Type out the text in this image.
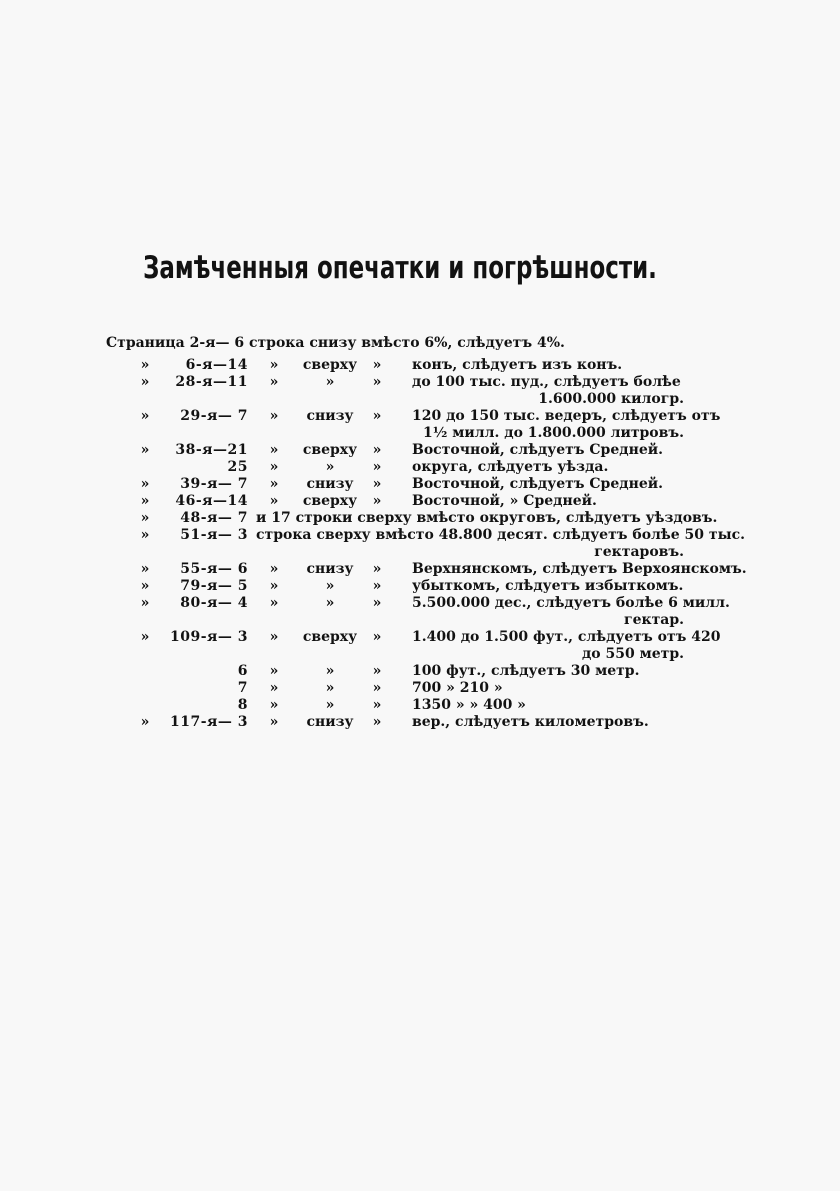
Замѣченныя опечатки и погрѣшности.
Страница 2-я— 6 строка снизу вмѣсто 6%, слѣдуетъ 4%.
»	6-я—14 »	сверху	» конъ, слѣдуетъ изъ конъ.
»	28-я—11 »	»	» до 100 тыс. пуд., слѣдуетъ болѣе
1.600.000 килогр.
»	29-я— 7 »	снизу	» 120 до 150 тыс. ведеръ, слѣдуетъ отъ
1½ милл. до 1.800.000 литровъ.
»	38-я—21 »	сверху	» Восточной, слѣдуетъ Средней.
25 »	»	» округа, слѣдуетъ уѣзда.
»	39-я— 7 »	снизу	» Восточной, слѣдуетъ Средней.
»	46-я—14 »	сверху	» Восточной, » Средней.
»	48-я— 7 и 17 строки сверху вмѣсто округовъ, слѣдуетъ уѣздовъ.
»	51-я— 3 строка сверху вмѣсто 48.800 десят. слѣдуетъ болѣе 50 тыс.
гектаровъ.
»	55-я— 6 »	снизу	» Верхнянскомъ, слѣдуетъ Верхоянскомъ.
»	79-я— 5 »	»	» убыткомъ, слѣдуетъ избыткомъ.
»	80-я— 4 »	»	» 5.500.000 дес., слѣдуетъ болѣе 6 милл.
гектар.
»	109-я— 3 »	сверху	» 1.400 до 1.500 фут., слѣдуетъ отъ 420
до 550 метр.
6 »	»	» 100 фут., слѣдуетъ 30 метр.
7 »	»	» 700 » 210 »
8 »	»	» 1350 » » 400 »
»	117-я— 3 »	снизу	» вер., слѣдуетъ километровъ.
